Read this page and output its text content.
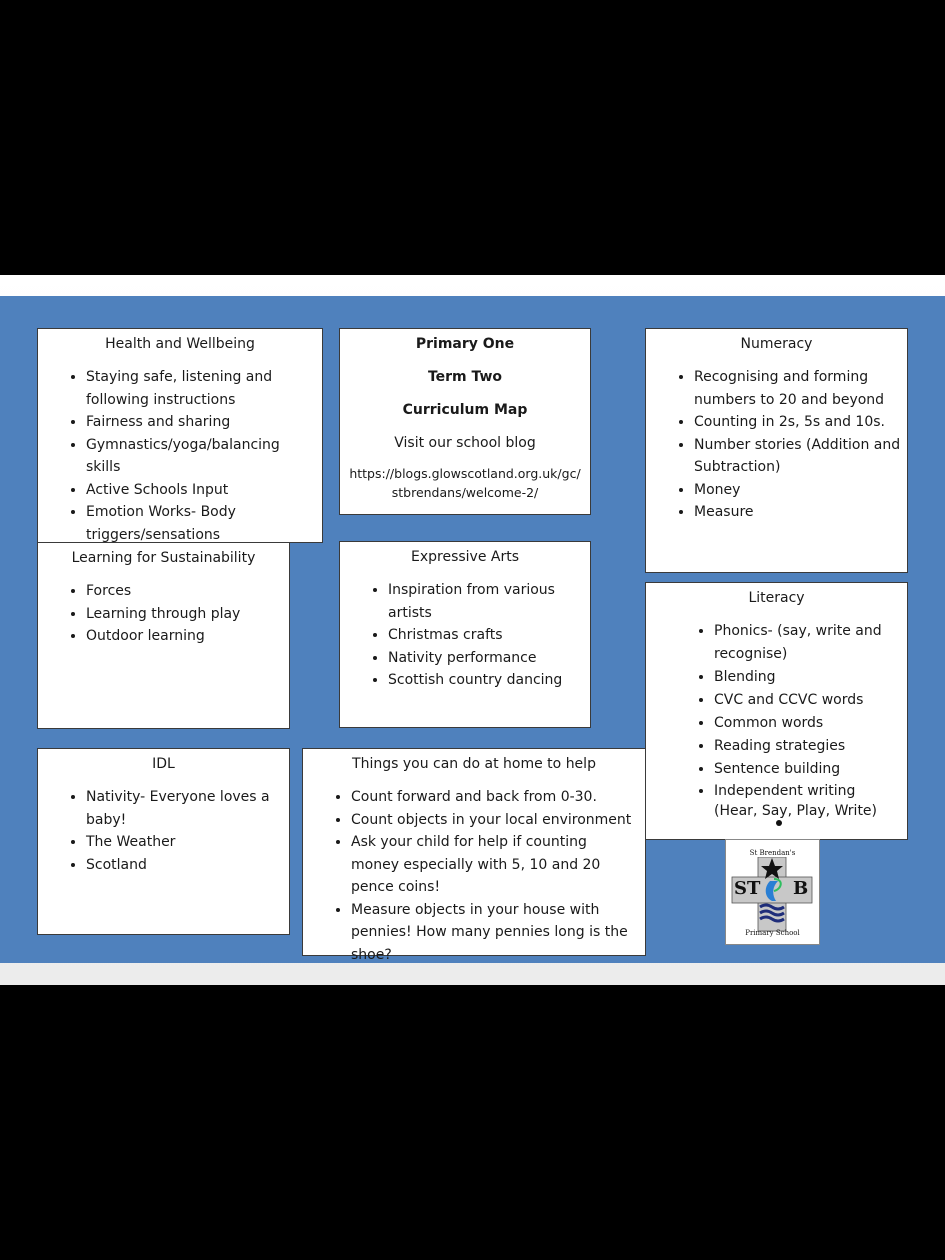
Health and Wellbeing
• Staying safe, listening and following instructions
• Fairness and sharing
• Gymnastics/yoga/balancing skills
• Active Schools Input
• Emotion Works- Body triggers/sensations

Primary One

Term Two

Curriculum Map

Visit our school blog

https://blogs.glowscotland.org.uk/gc/stbrendans/welcome-2/

Numeracy
• Recognising and forming numbers to 20 and beyond
• Counting in 2s, 5s and 10s.
• Number stories (Addition and Subtraction)
• Money
• Measure
Learning for Sustainability
• Forces
• Learning through play
• Outdoor learning
Expressive Arts
• Inspiration from various artists
• Christmas crafts
• Nativity performance
• Scottish country dancing
Literacy
• Phonics- (say, write and recognise)
• Blending
• CVC and CCVC words
• Common words
• Reading strategies
• Sentence building
• Independent writing (Hear, Say, Play, Write)
IDL
• Nativity- Everyone loves a baby!
• The Weather
• Scotland
Things you can do at home to help
• Count forward and back from 0-30.
• Count objects in your local environment
• Ask your child for help if counting money especially with 5, 10 and 20 pence coins!
• Measure objects in your house with pennies! How many pennies long is the shoe?
St Brendan's
ST B
Primary School
